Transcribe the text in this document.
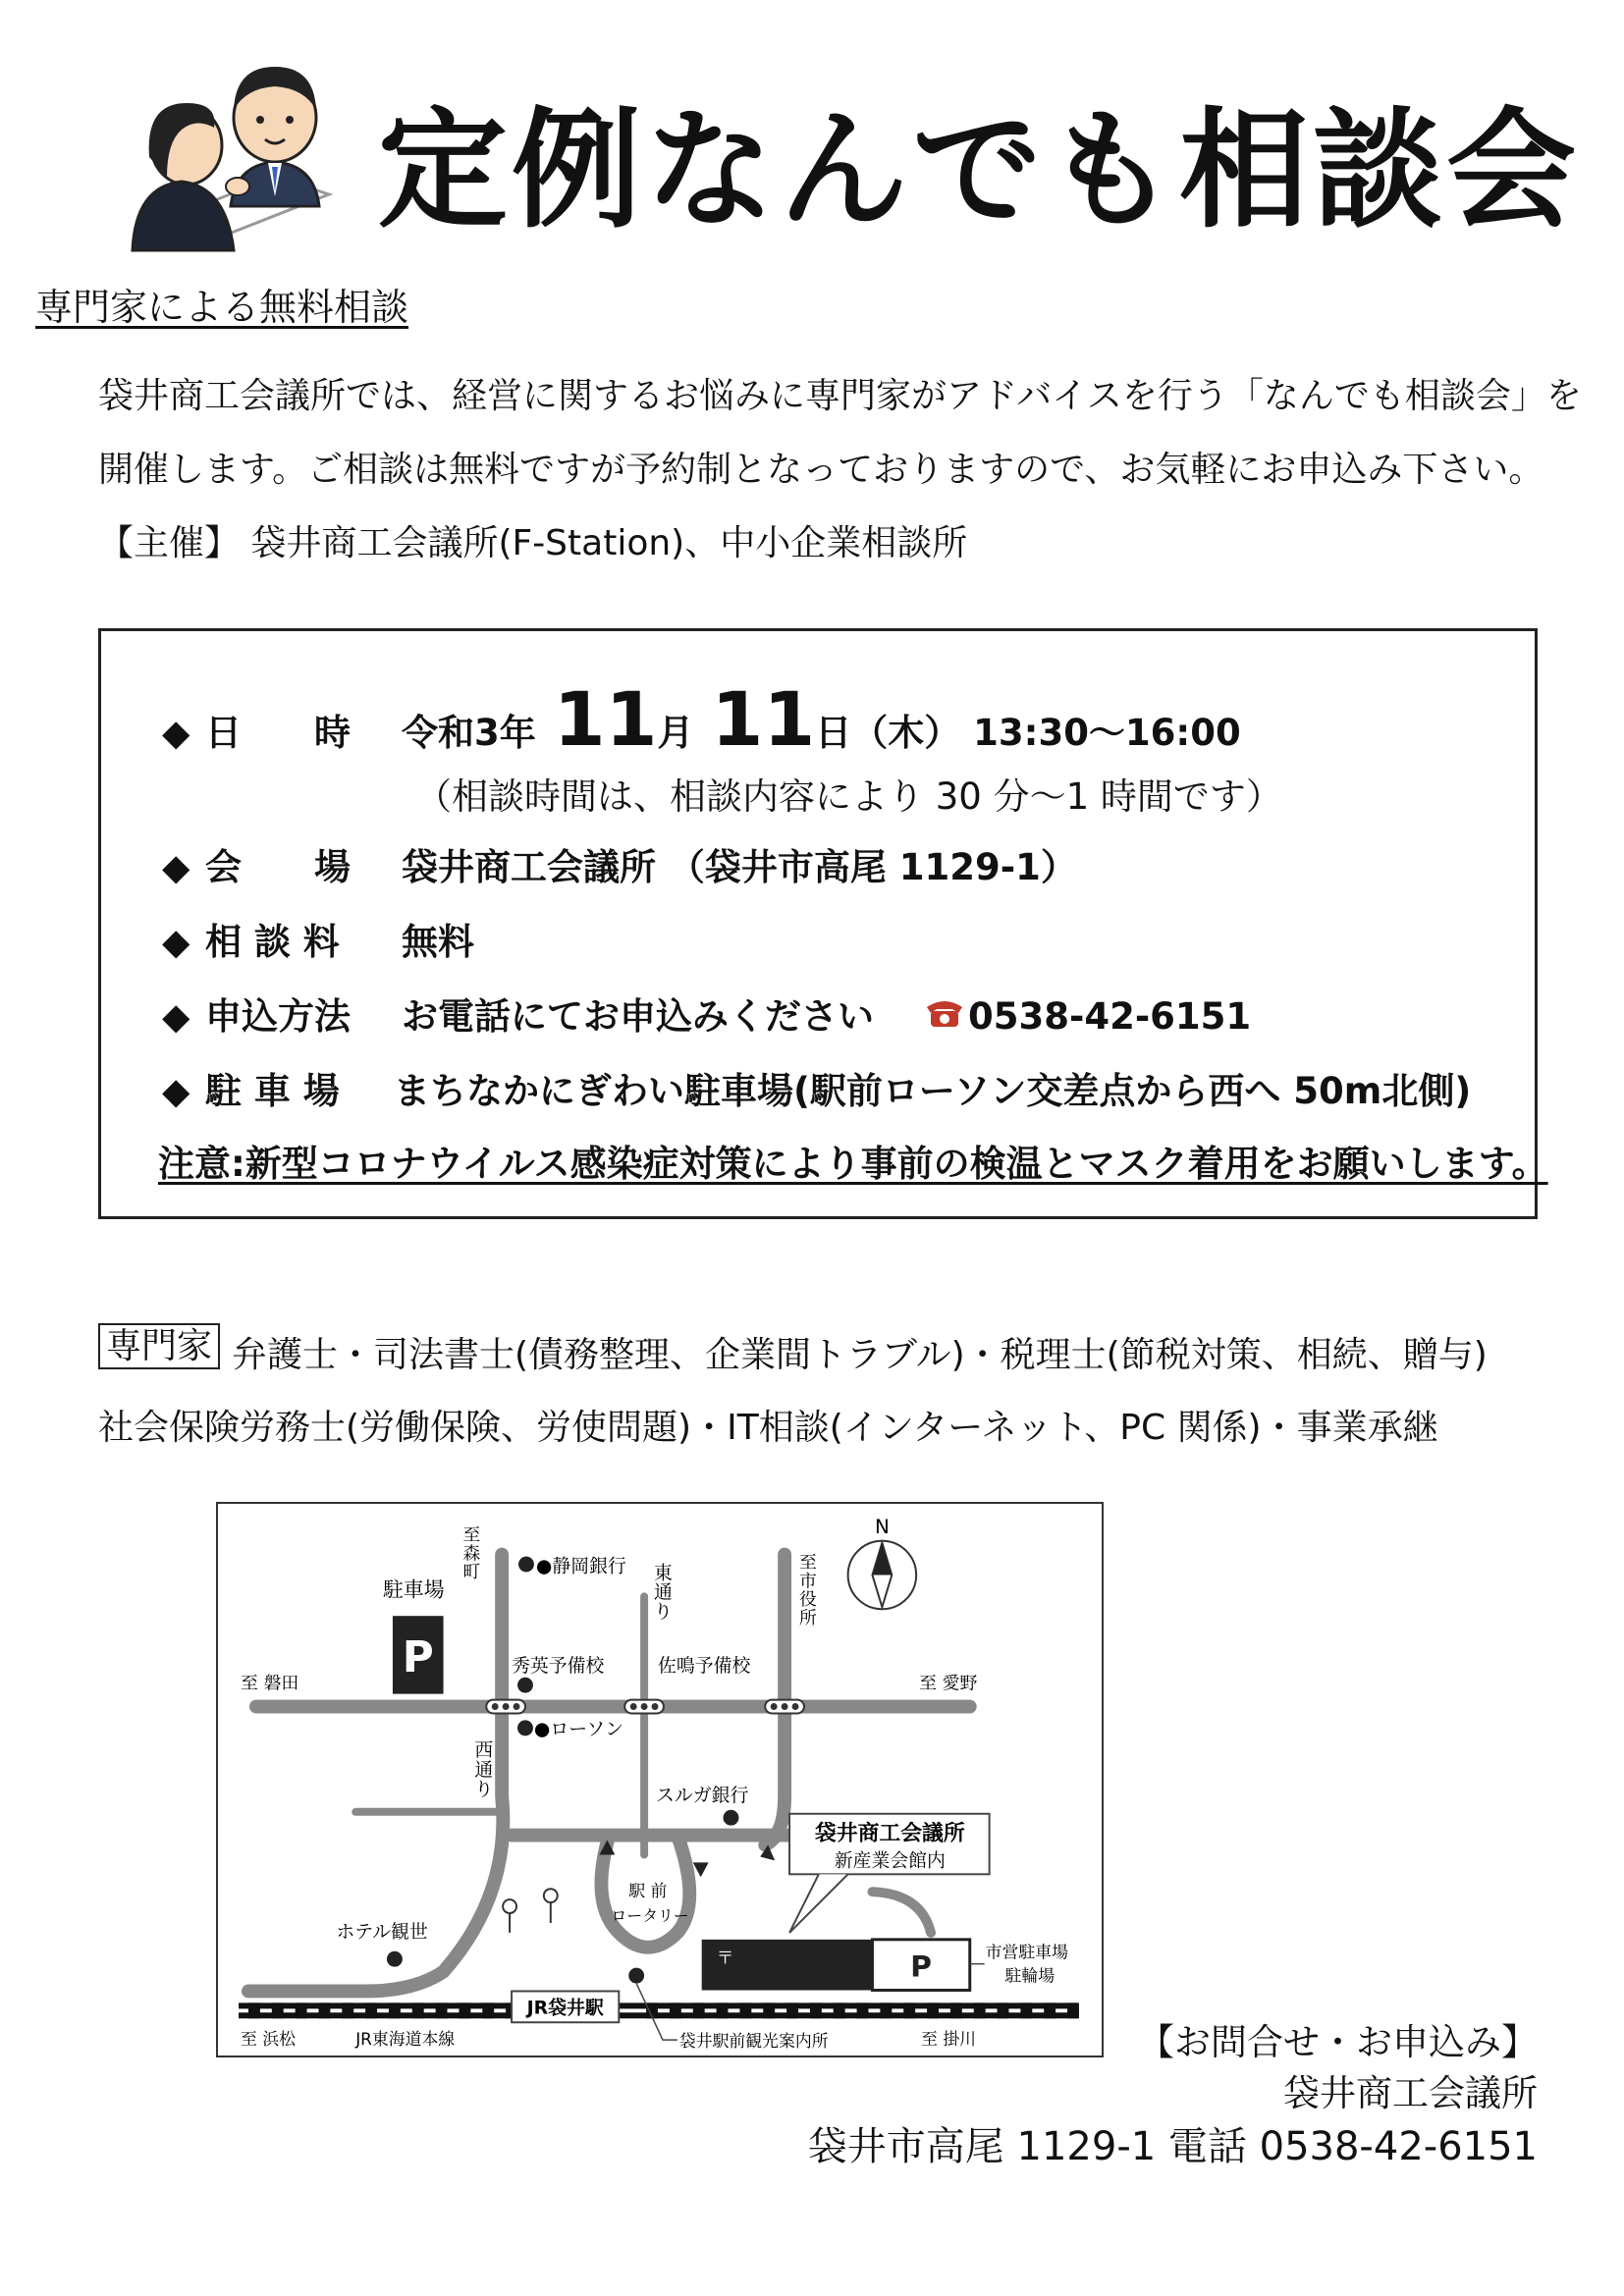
定例なんでも相談会
専門家による無料相談
袋井商工会議所では、経営に関するお悩みに専門家がアドバイスを行う「なんでも相談会」を
開催します。ご相談は無料ですが予約制となっておりますので、お気軽にお申込み下さい。
【主催】 袋井商工会議所(F-Station)、中小企業相談所
◆ 日　　時	令和3年 11 月 11 日 （木） 13:30～16:00
（相談時間は、相談内容により 30 分～1 時間です）
◆ 会　　場	袋井商工会議所 （袋井市高尾 1129-1）
◆ 相 談 料	無料
◆ 申込方法	お電話にてお申込みください	0538-42-6151
◆ 駐 車 場	まちなかにぎわい駐車場(駅前ローソン交差点から西へ 50m北側)
注意:新型コロナウイルス感染症対策により事前の検温とマスク着用をお願いします。
専門家 弁護士・司法書士(債務整理、企業間トラブル)・税理士(節税対策、相続、贈与)
社会保険労務士(労働保険、労使問題)・IT相談(インターネット、PC 関係)・事業承継
P
P
〒
袋井商工会議所
新産業会館内
JR袋井駅
N
至森町	●静岡銀行 東通り
至市役所
駐車場
至 磐田
秀英予備校	佐鳴予備校
至 愛野
●ローソン
西通り	スルガ銀行
駅 前
ロータリー
ホテル観世
市営駐車場
駐輪場
至 浜松	JR東海道本線	袋井駅前観光案内所	至 掛川	【お問合せ・お申込み】
袋井商工会議所
袋井市高尾 1129-1 電話 0538-42-6151
